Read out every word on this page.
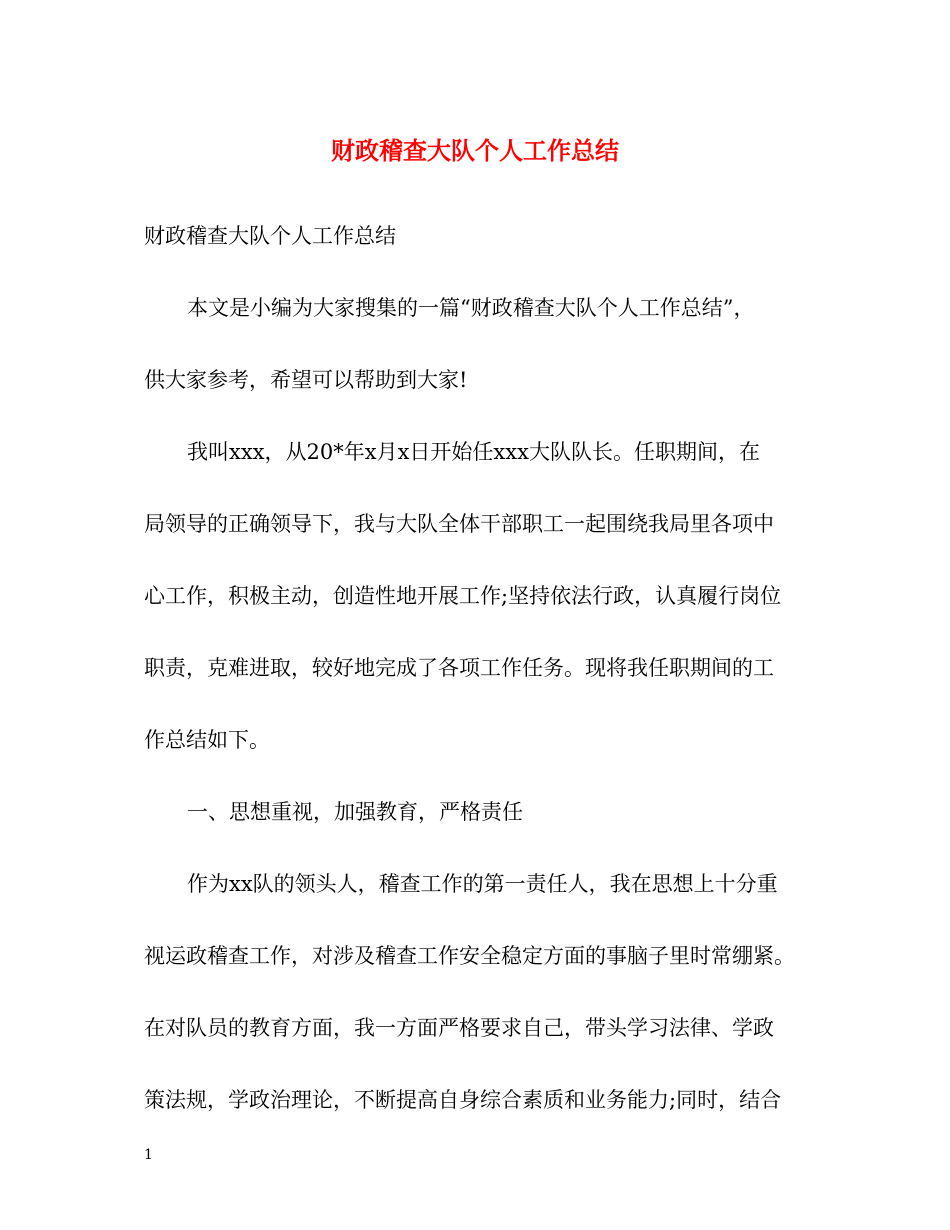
财政稽查大队个人工作总结
财政稽查大队个人工作总结
本文是小编为大家搜集的一篇“财政稽查大队个人工作总结”，
供大家参考，希望可以帮助到大家!
我叫xxx，从20*年x月x日开始任xxx大队队长。任职期间，在
局领导的正确领导下，我与大队全体干部职工一起围绕我局里各项中
心工作，积极主动，创造性地开展工作;坚持依法行政，认真履行岗位
职责，克难进取，较好地完成了各项工作任务。现将我任职期间的工
作总结如下。
一、思想重视，加强教育，严格责任
作为xx队的领头人，稽查工作的第一责任人，我在思想上十分重
视运政稽查工作，对涉及稽查工作安全稳定方面的事脑子里时常绷紧。
在对队员的教育方面，我一方面严格要求自己，带头学习法律、学政
策法规，学政治理论，不断提高自身综合素质和业务能力;同时，结合
1
